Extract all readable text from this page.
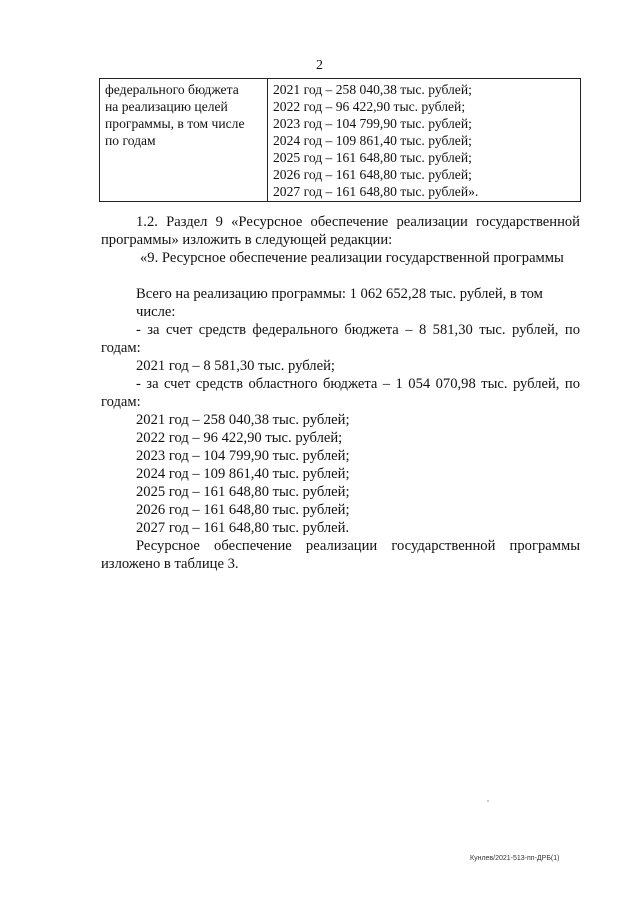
2
федерального бюджета
на реализацию целей
программы, в том числе
по годам

2021 год – 258 040,38 тыс. рублей;
2022 год – 96 422,90 тыс. рублей;
2023 год – 104 799,90 тыс. рублей;
2024 год – 109 861,40 тыс. рублей;
2025 год – 161 648,80 тыс. рублей;
2026 год – 161 648,80 тыс. рублей;
2027 год – 161 648,80 тыс. рублей».
1.2. Раздел 9 «Ресурсное обеспечение реализации государственной
программы» изложить в следующей редакции:
«9. Ресурсное обеспечение реализации государственной программы
Всего на реализацию программы: 1 062 652,28 тыс. рублей, в том числе:
- за счет средств федерального бюджета – 8 581,30 тыс. рублей, по
годам:
2021 год – 8 581,30 тыс. рублей;
- за счет средств областного бюджета – 1 054 070,98 тыс. рублей, по
годам:
2021 год – 258 040,38 тыс. рублей;
2022 год – 96 422,90 тыс. рублей;
2023 год – 104 799,90 тыс. рублей;
2024 год – 109 861,40 тыс. рублей;
2025 год – 161 648,80 тыс. рублей;
2026 год – 161 648,80 тыс. рублей;
2027 год – 161 648,80 тыс. рублей.
Ресурсное обеспечение реализации государственной программы
изложено в таблице 3.
Кунлев/2021-513-пп-ДРБ(1)
